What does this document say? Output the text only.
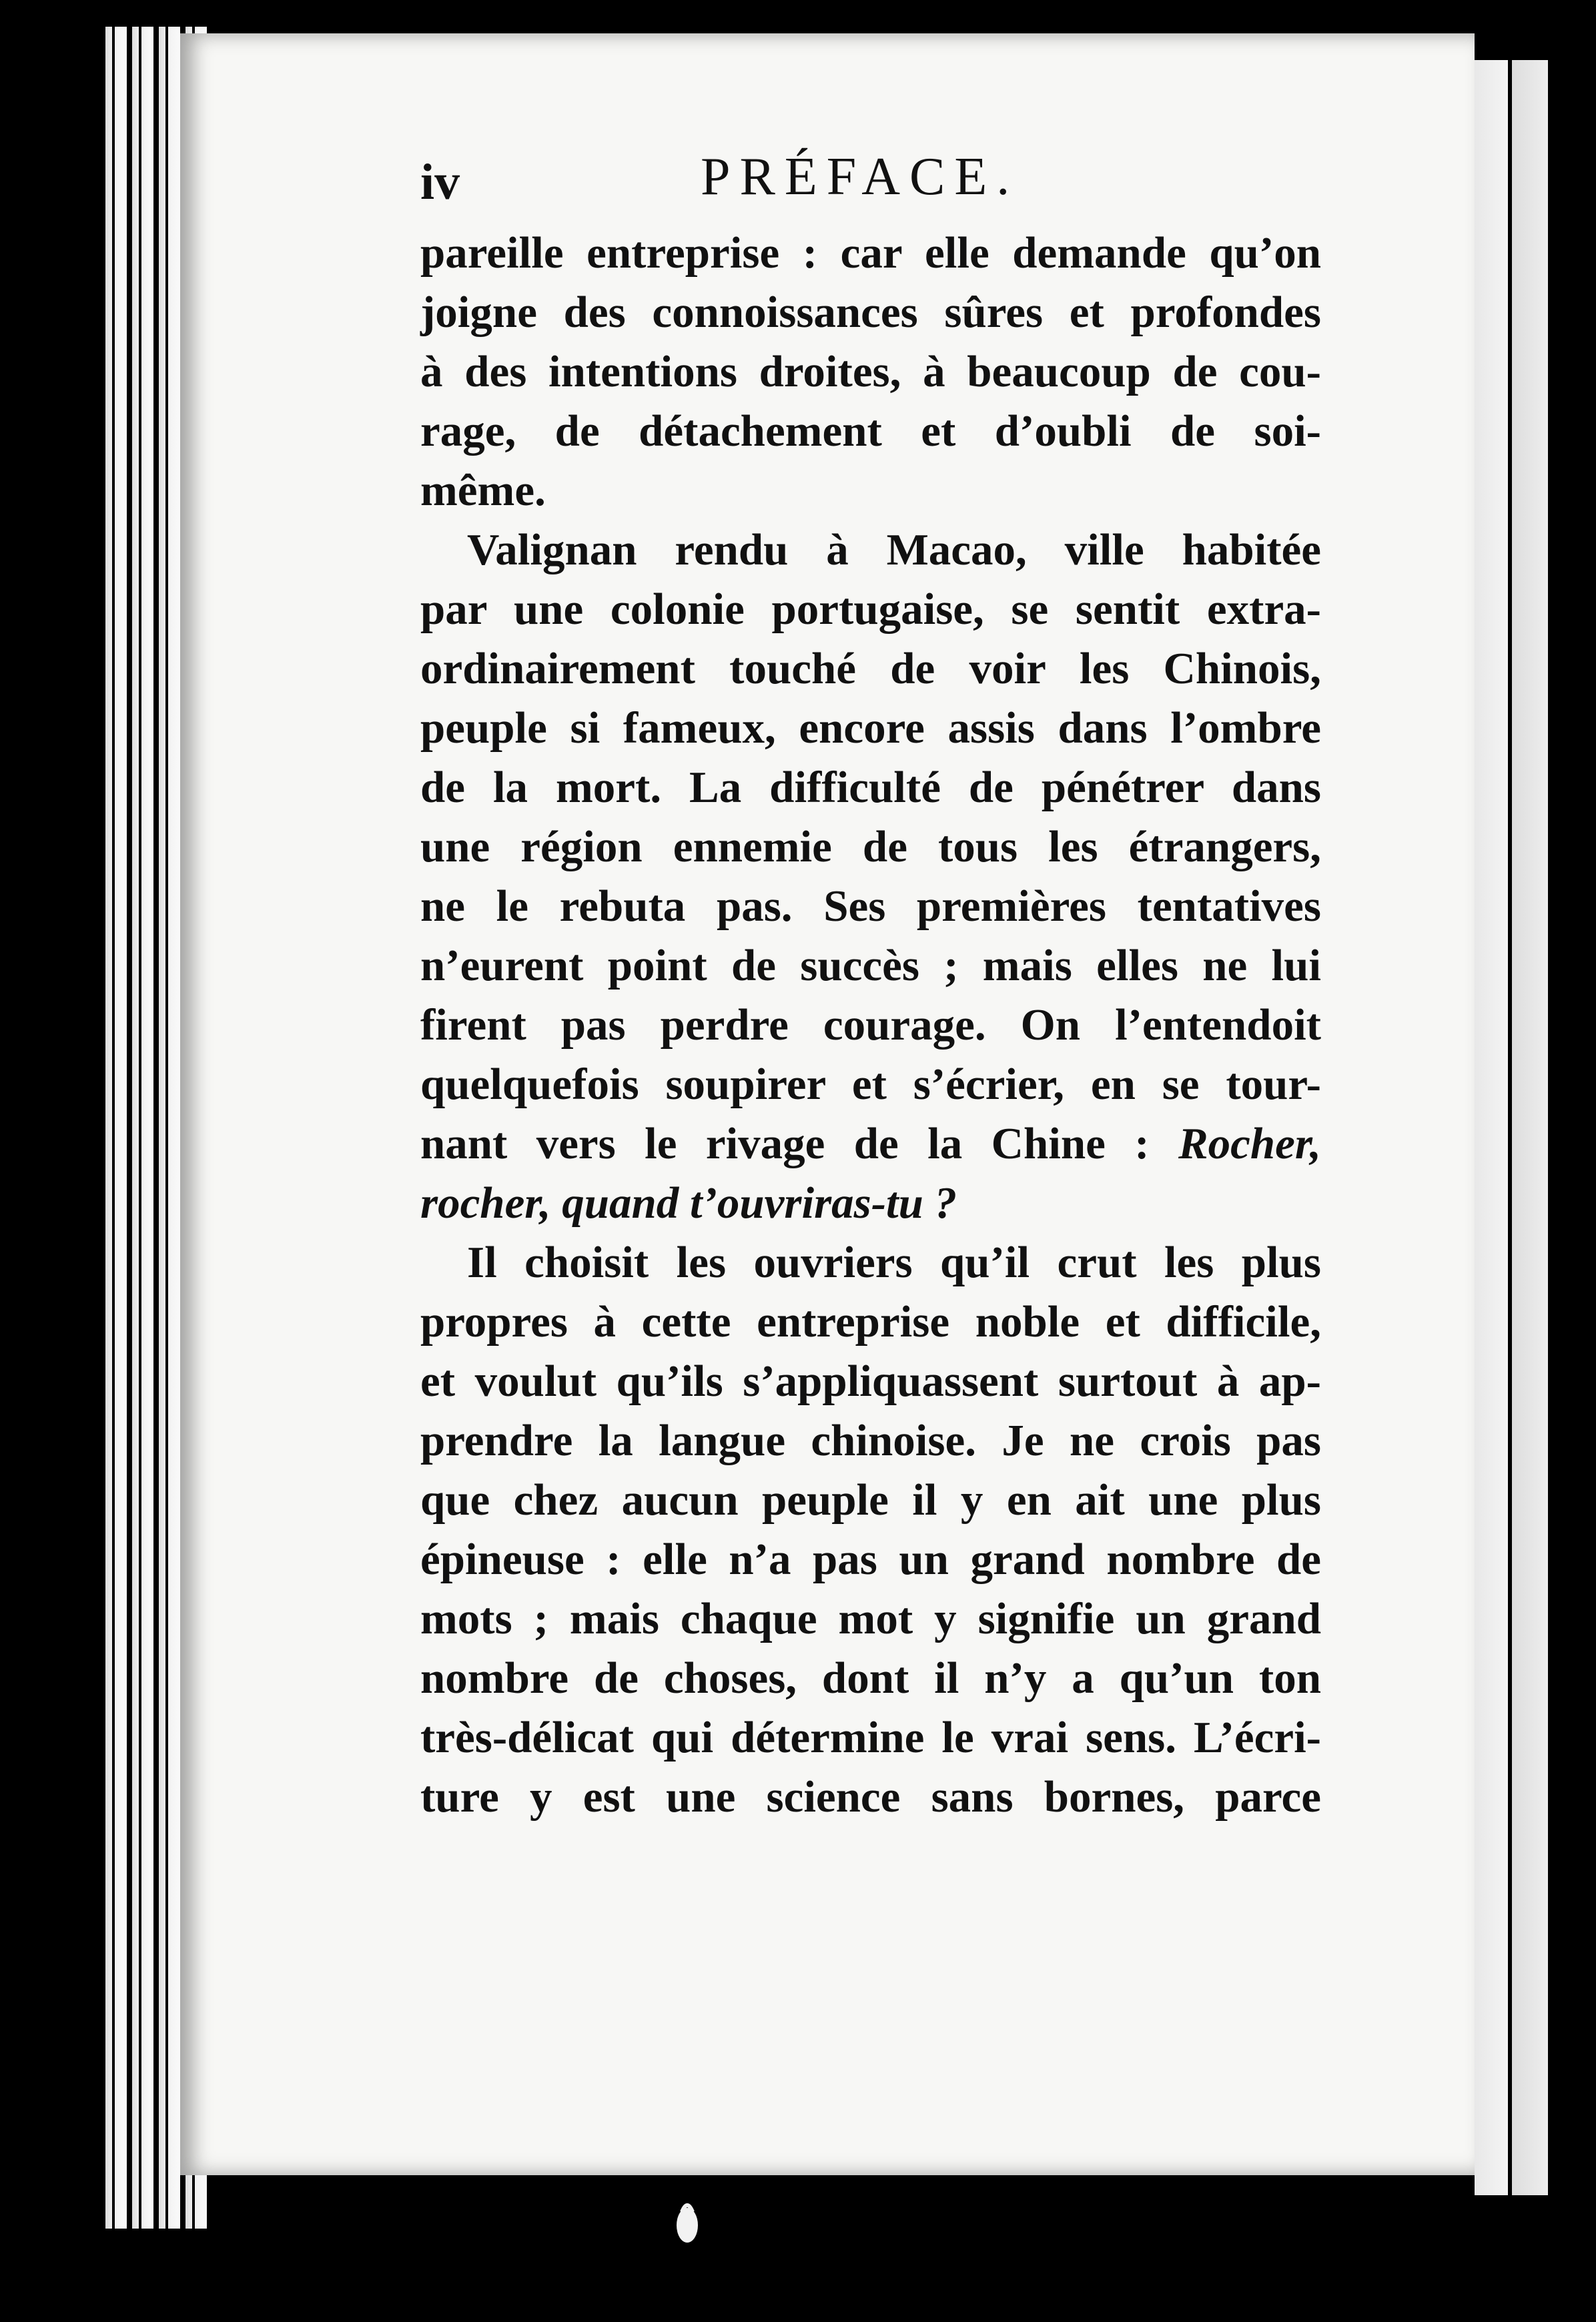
iv	PRÉFACE.
pareille entreprise : car elle demande qu’on
joigne des connoissances sûres et profondes
à des intentions droites, à beaucoup de cou-
rage, de détachement et d’oubli de soi-
même.
Valignan rendu à Macao, ville habitée
par une colonie portugaise, se sentit extra-
ordinairement touché de voir les Chinois,
peuple si fameux, encore assis dans l’ombre
de la mort. La difficulté de pénétrer dans
une région ennemie de tous les étrangers,
ne le rebuta pas. Ses premières tentatives
n’eurent point de succès ; mais elles ne lui
firent pas perdre courage. On l’entendoit
quelquefois soupirer et s’écrier, en se tour-
nant vers le rivage de la Chine : Rocher,
rocher, quand t’ouvriras-tu ?
Il choisit les ouvriers qu’il crut les plus
propres à cette entreprise noble et difficile,
et voulut qu’ils s’appliquassent surtout à ap-
prendre la langue chinoise. Je ne crois pas
que chez aucun peuple il y en ait une plus
épineuse : elle n’a pas un grand nombre de
mots ; mais chaque mot y signifie un grand
nombre de choses, dont il n’y a qu’un ton
très-délicat qui détermine le vrai sens. L’écri-
ture y est une science sans bornes, parce
